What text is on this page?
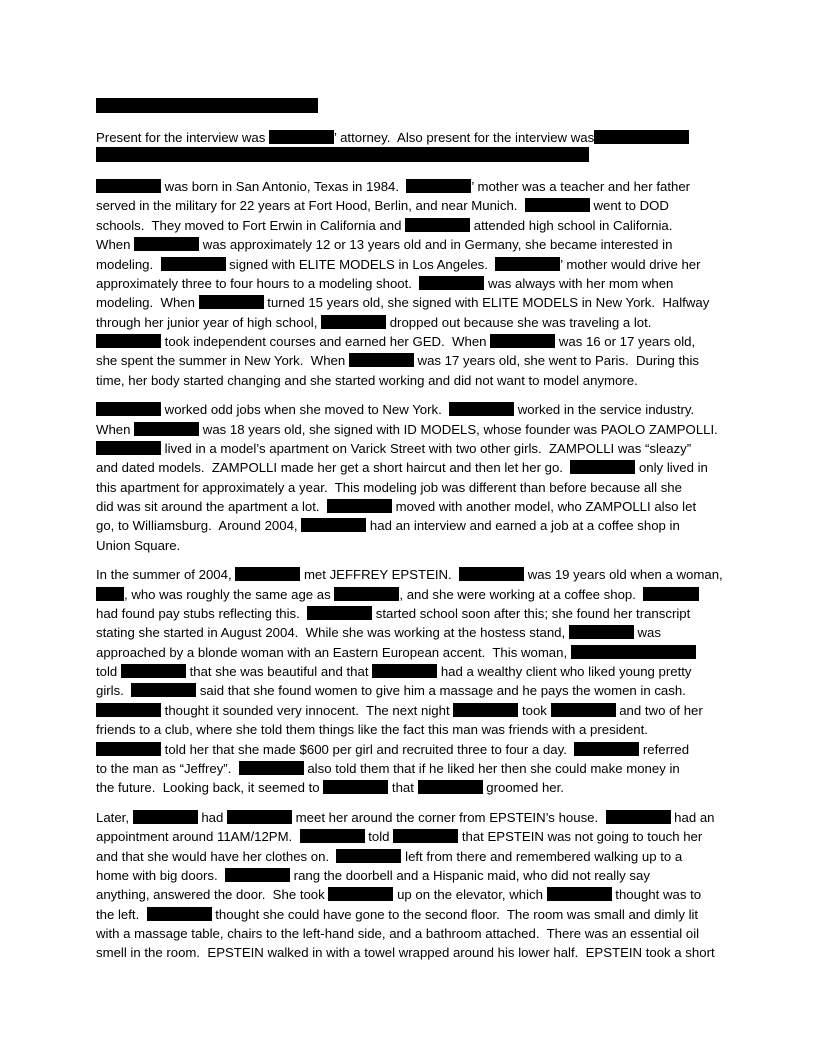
Present for the interview was	’ attorney.  Also present for the interview was
was born in San Antonio, Texas in 1984.	’ mother was a teacher and her father
served in the military for 22 years at Fort Hood, Berlin, and near Munich.	went to DOD
schools.  They moved to Fort Erwin in California and	attended high school in California.
When	was approximately 12 or 13 years old and in Germany, she became interested in
modeling.	signed with ELITE MODELS in Los Angeles.	’ mother would drive her
approximately three to four hours to a modeling shoot.	was always with her mom when
modeling.  When	turned 15 years old, she signed with ELITE MODELS in New York.  Halfway
through her junior year of high school,	dropped out because she was traveling a lot.
took independent courses and earned her GED.  When	was 16 or 17 years old,
she spent the summer in New York.  When	was 17 years old, she went to Paris.  During this
time, her body started changing and she started working and did not want to model anymore.
worked odd jobs when she moved to New York.	worked in the service industry.
When	was 18 years old, she signed with ID MODELS, whose founder was PAOLO ZAMPOLLI.
lived in a model’s apartment on Varick Street with two other girls.  ZAMPOLLI was “sleazy”
and dated models.  ZAMPOLLI made her get a short haircut and then let her go.	only lived in
this apartment for approximately a year.  This modeling job was different than before because all she
did was sit around the apartment a lot.	moved with another model, who ZAMPOLLI also let
go, to Williamsburg.  Around 2004,	had an interview and earned a job at a coffee shop in
Union Square.
In the summer of 2004,	met JEFFREY EPSTEIN.	was 19 years old when a woman,
, who was roughly the same age as	, and she were working at a coffee shop.
had found pay stubs reflecting this.	started school soon after this; she found her transcript
stating she started in August 2004.  While she was working at the hostess stand,	was
approached by a blonde woman with an Eastern European accent.  This woman,
told	that she was beautiful and that	had a wealthy client who liked young pretty
girls.	said that she found women to give him a massage and he pays the women in cash.
thought it sounded very innocent.  The next night	took	and two of her
friends to a club, where she told them things like the fact this man was friends with a president.
told her that she made $600 per girl and recruited three to four a day.	referred
to the man as “Jeffrey”.	also told them that if he liked her then she could make money in
the future.  Looking back, it seemed to	that	groomed her.
Later,	had	meet her around the corner from EPSTEIN’s house.	had an
appointment around 11AM/12PM.	told	that EPSTEIN was not going to touch her
and that she would have her clothes on.	left from there and remembered walking up to a
home with big doors.	rang the doorbell and a Hispanic maid, who did not really say
anything, answered the door.  She took	up on the elevator, which	thought was to
the left.	thought she could have gone to the second floor.  The room was small and dimly lit
with a massage table, chairs to the left-hand side, and a bathroom attached.  There was an essential oil
smell in the room.  EPSTEIN walked in with a towel wrapped around his lower half.  EPSTEIN took a short
